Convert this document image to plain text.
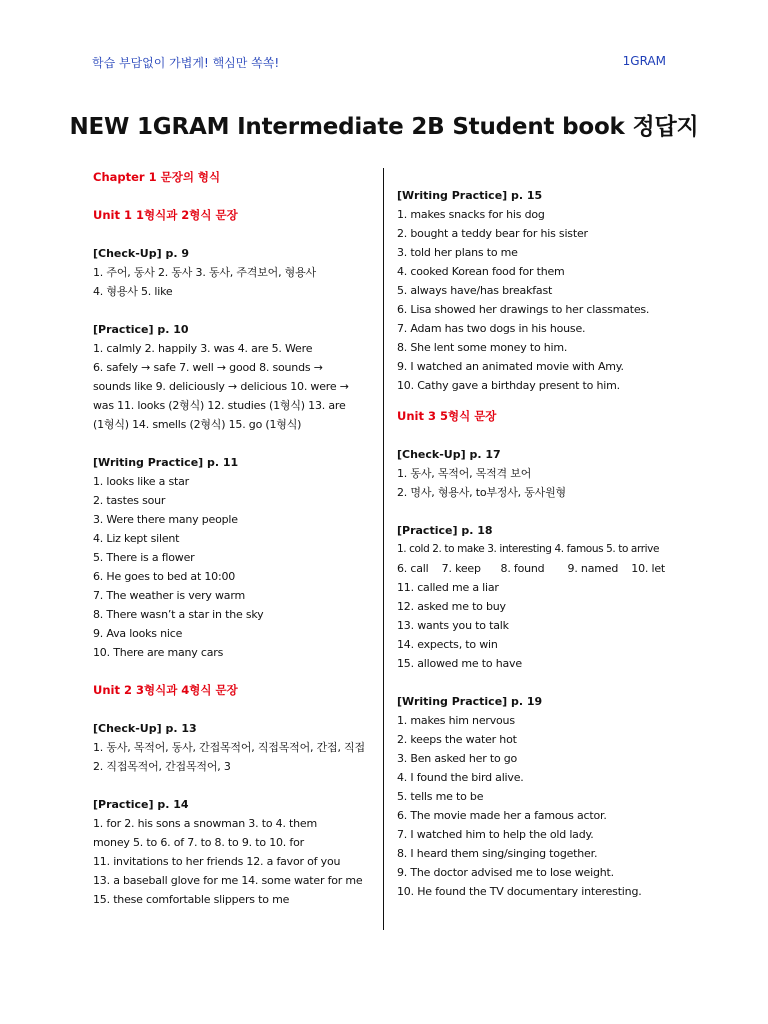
학습 부담없이 가볍게! 핵심만 쏙쏙!	1GRAM
NEW 1GRAM Intermediate 2B Student book 정답지
Chapter 1 문장의 형식
Unit 1 1형식과 2형식 문장
[Check-Up] p. 9
1. 주어, 동사 2. 동사 3. 동사, 주격보어, 형용사
4. 형용사 5. like
[Practice] p. 10
1. calmly 2. happily 3. was 4. are 5. Were
6. safely → safe 7. well → good 8. sounds →
sounds like 9. deliciously → delicious 10. were →
was 11. looks (2형식) 12. studies (1형식) 13. are
(1형식) 14. smells (2형식) 15. go (1형식)
[Writing Practice] p. 11
1. looks like a star
2. tastes sour
3. Were there many people
4. Liz kept silent
5. There is a flower
6. He goes to bed at 10:00
7. The weather is very warm
8. There wasn’t a star in the sky
9. Ava looks nice
10. There are many cars
Unit 2 3형식과 4형식 문장
[Check-Up] p. 13
1. 동사, 목적어, 동사, 간접목적어, 직접목적어, 간접, 직접
2. 직접목적어, 간접목적어, 3
[Practice] p. 14
1. for 2. his sons a snowman 3. to 4. them
money 5. to 6. of 7. to 8. to 9. to 10. for
11. invitations to her friends 12. a favor of you
13. a baseball glove for me 14. some water for me
15. these comfortable slippers to me
[Writing Practice] p. 15
1. makes snacks for his dog
2. bought a teddy bear for his sister
3. told her plans to me
4. cooked Korean food for them
5. always have/has breakfast
6. Lisa showed her drawings to her classmates.
7. Adam has two dogs in his house.
8. She lent some money to him.
9. I watched an animated movie with Amy.
10. Cathy gave a birthday present to him.
Unit 3 5형식 문장
[Check-Up] p. 17
1. 동사, 목적어, 목적격 보어
2. 명사, 형용사, to부정사, 동사원형
[Practice] p. 18
1. cold 2. to make 3. interesting 4. famous 5. to arrive
6. call    7. keep      8. found       9. named    10. let
11. called me a liar
12. asked me to buy
13. wants you to talk
14. expects, to win
15. allowed me to have
[Writing Practice] p. 19
1. makes him nervous
2. keeps the water hot
3. Ben asked her to go
4. I found the bird alive.
5. tells me to be
6. The movie made her a famous actor.
7. I watched him to help the old lady.
8. I heard them sing/singing together.
9. The doctor advised me to lose weight.
10. He found the TV documentary interesting.
